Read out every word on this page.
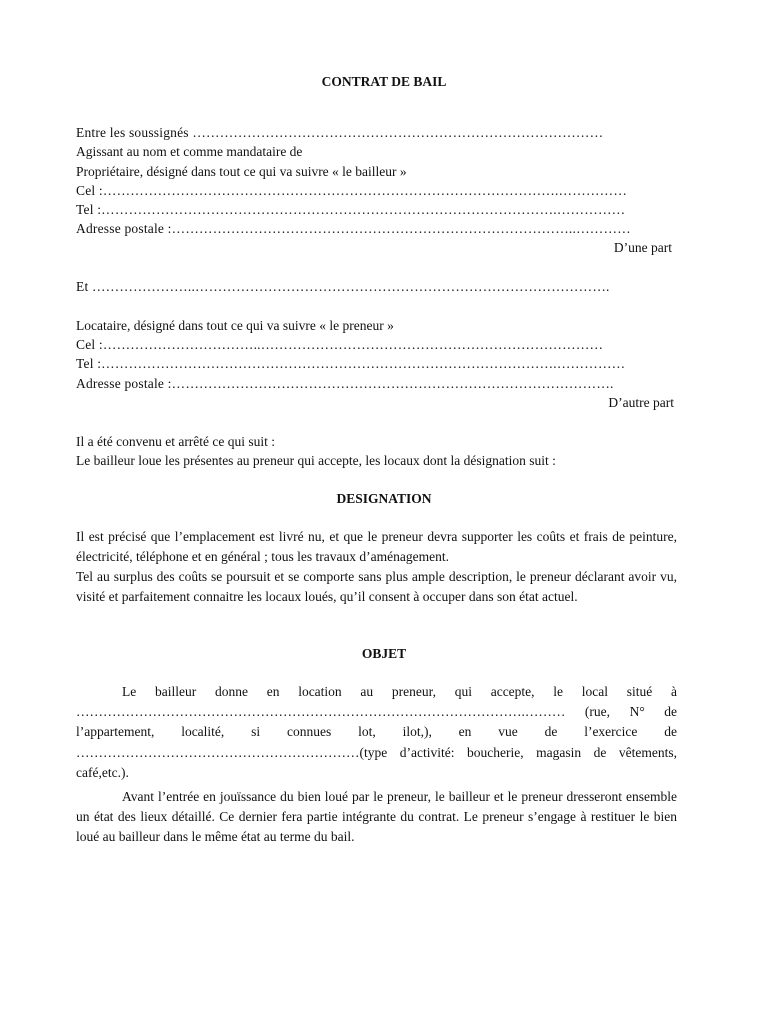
CONTRAT DE BAIL
Entre les soussignés ………………………………………………………………………………
Agissant au nom et comme mandataire de
Propriétaire, désigné dans tout ce qui va suivre « le bailleur »
Cel :……………………………………………………………………………………….……………
Tel :……………………………………………………………………………………….……………
Adresse postale :……………………………………………………………………………..…………
D’une part
Et …………………..……………………………………………………………………………….
Locataire, désigné dans tout ce qui va suivre « le preneur »
Cel :……………………………..…………………………………………………………………
Tel :……………………………………………………………………………………….……………
Adresse postale :…………………………………………………………………………………….
D’autre part
Il a été convenu et arrêté ce qui suit :
Le bailleur loue les présentes au preneur qui accepte, les locaux dont la désignation suit :
DESIGNATION
Il est précisé que l’emplacement est livré nu, et que le preneur devra supporter les coûts et frais de peinture, électricité, téléphone et en général ; tous les travaux d’aménagement.
Tel au surplus des coûts se poursuit et se comporte sans plus ample description, le preneur déclarant avoir vu, visité et parfaitement connaitre les locaux loués, qu’il consent à occuper dans son état actuel.
OBJET
Le bailleur donne en location au preneur, qui accepte, le local situé à ……………………………………………………………………………………….……… (rue, N° de l’appartement, localité, si connues lot, ilot,), en vue de l’exercice de ………………………………………………………(type d’activité: boucherie, magasin de vêtements, café,etc.).
Avant l’entrée en jouïssance du bien loué par le preneur, le bailleur et le preneur dresseront ensemble un état des lieux détaillé. Ce dernier fera partie intégrante du contrat. Le preneur s’engage à restituer le bien loué au bailleur dans le même état au terme du bail.
